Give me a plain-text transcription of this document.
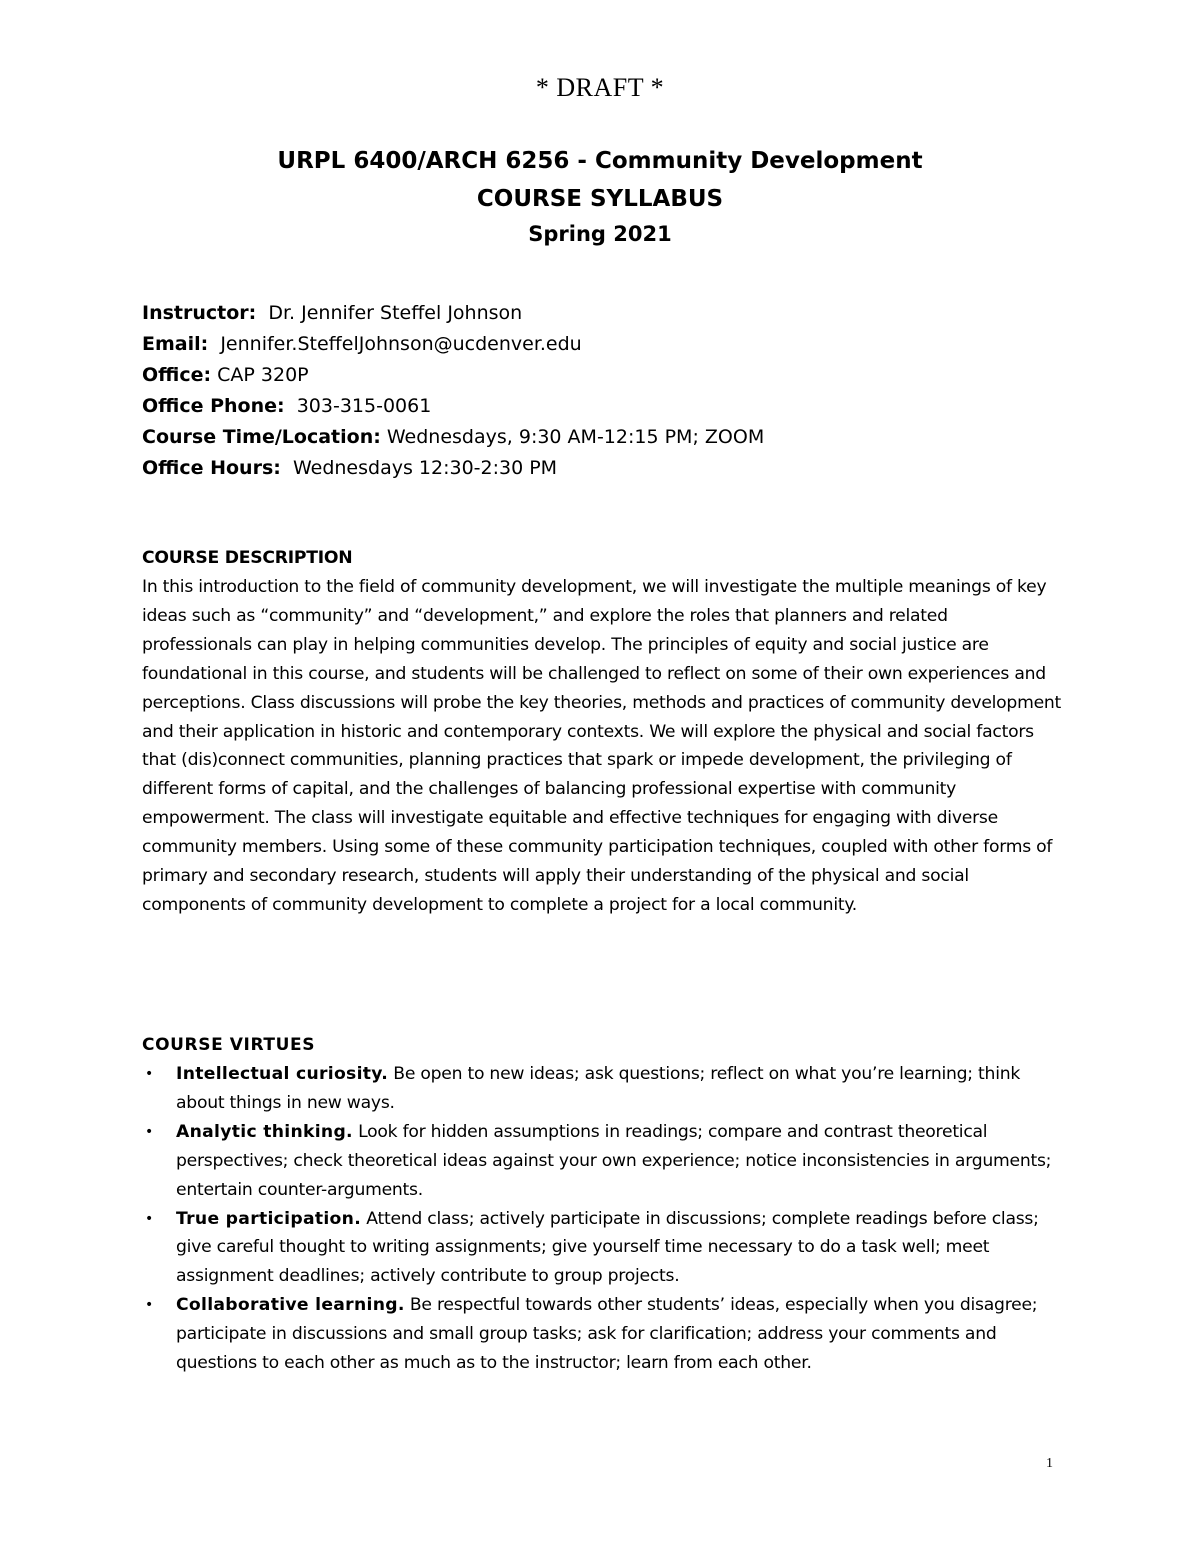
* DRAFT *

URPL 6400/ARCH 6256 - Community Development

COURSE SYLLABUS

Spring 2021

Instructor: Dr. Jennifer Steffel Johnson
Email: Jennifer.SteffelJohnson@ucdenver.edu
Office: CAP 320P
Office Phone: 303-315-0061
Course Time/Location: Wednesdays, 9:30 AM-12:15 PM; ZOOM
Office Hours: Wednesdays 12:30-2:30 PM

COURSE DESCRIPTION

In this introduction to the field of community development, we will investigate the multiple meanings of key ideas such as “community” and “development,” and explore the roles that planners and related professionals can play in helping communities develop. The principles of equity and social justice are foundational in this course, and students will be challenged to reflect on some of their own experiences and perceptions. Class discussions will probe the key theories, methods and practices of community development and their application in historic and contemporary contexts. We will explore the physical and social factors that (dis)connect communities, planning practices that spark or impede development, the privileging of different forms of capital, and the challenges of balancing professional expertise with community empowerment. The class will investigate equitable and effective techniques for engaging with diverse community members. Using some of these community participation techniques, coupled with other forms of primary and secondary research, students will apply their understanding of the physical and social components of community development to complete a project for a local community.

COURSE VIRTUES

• Intellectual curiosity. Be open to new ideas; ask questions; reflect on what you’re learning; think about things in new ways.
• Analytic thinking. Look for hidden assumptions in readings; compare and contrast theoretical perspectives; check theoretical ideas against your own experience; notice inconsistencies in arguments; entertain counter-arguments.
• True participation. Attend class; actively participate in discussions; complete readings before class; give careful thought to writing assignments; give yourself time necessary to do a task well; meet assignment deadlines; actively contribute to group projects.
• Collaborative learning. Be respectful towards other students’ ideas, especially when you disagree; participate in discussions and small group tasks; ask for clarification; address your comments and questions to each other as much as to the instructor; learn from each other.
1
